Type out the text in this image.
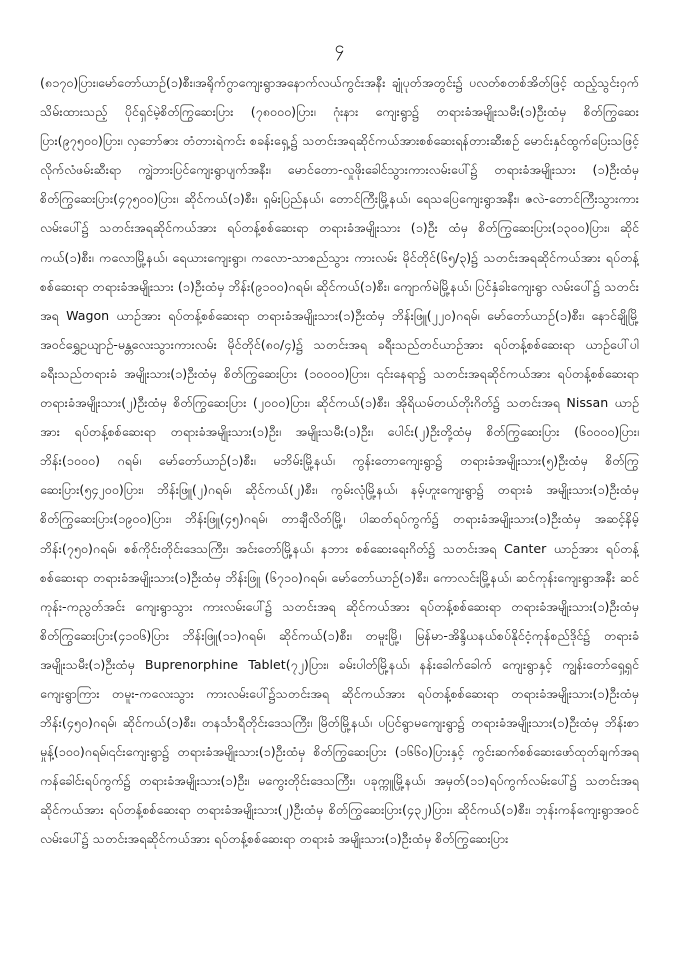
၄

(၈၁၇၀)ပြား၊မော်တော်ယာဉ်(၁)စီး၊အရိုက်ဂွာကျေးရွာအနောက်လယ်ကွင်းအနီး ချုံပုတ်အတွင်း၌ ပလတ်စတစ်အိတ်ဖြင့် ထည့်သွင်းဝှက်သိမ်းထားသည့် ပိုင်ရှင်မဲ့စိတ်ကြွဆေးပြား (၇၈၀၀၀)ပြား၊ ဂုံးနား ကျေးရွာ၌ တရားခံအမျိုးသမီး(၁)ဦးထံမှ စိတ်ကြွဆေးပြား(၉၇၅၀၀)ပြား၊ လှဘော်ဇား တံတားရဲကင်း စခန်းရှေ့၌ သတင်းအရဆိုင်ကယ်အားစစ်ဆေးရန်တားဆီးစဉ် မောင်းနှင်ထွက်ပြေးသဖြင့် လိုက်လံဖမ်းဆီးရာ ကျွဲဘားပြင်ကျေးရွာပျက်အနီး၊ မောင်တော-လှုဖိုးခေါင်သွားကားလမ်းပေါ်၌ တရားခံအမျိုးသား (၁)ဦးထံမှ စိတ်ကြွဆေးပြား(၄၇၅၀၀)ပြား၊ ဆိုင်ကယ်(၁)စီး၊ ရှမ်းပြည်နယ်၊ တောင်ကြီးမြို့နယ်၊ ရေသပြေကျေးရွာအနီး၊ ဇလဲ-တောင်ကြီးသွားကားလမ်းပေါ်၌ သတင်းအရဆိုင်ကယ်အား ရပ်တန့်စစ်ဆေးရာ တရားခံအမျိုးသား (၁)ဦး ထံမှ စိတ်ကြွဆေးပြား(၁၃၀၀)ပြား၊ ဆိုင်ကယ်(၁)စီး၊ ကလောမြို့နယ်၊ ရေယားကျေးရွာ၊ ကလော-သာစည်သွား ကားလမ်း မိုင်တိုင်(၆၅/၃)၌ သတင်းအရဆိုင်ကယ်အား ရပ်တန့်စစ်ဆေးရာ တရားခံအမျိုးသား (၁)ဦးထံမှ ဘိန်း(၉၁၀၀)ဂရမ်၊ ဆိုင်ကယ်(၁)စီး၊ ကျောက်မဲမြို့နယ်၊ ပြင်နှံခါးကျေးရွာ လမ်းပေါ်၌ သတင်းအရ Wagon ယာဉ်အား ရပ်တန့်စစ်ဆေးရာ တရားခံအမျိုးသား(၁)ဦးထံမှ ဘိန်းဖြူ(၂၂၀)ဂရမ်၊ မော်တော်ယာဉ်(၁)စီး၊ နောင်ချိုမြို့ အဝင်ရွှေဥယျာဉ်-မန္တလေးသွားကားလမ်း မိုင်တိုင်(၈၀/၄)၌ သတင်းအရ ခရီးသည်တင်ယာဉ်အား ရပ်တန့်စစ်ဆေးရာ ယာဉ်ပေါ်ပါ ခရီးသည်တရားခံ အမျိုးသား(၁)ဦးထံမှ စိတ်ကြွဆေးပြား (၁၀၀၀၀)ပြား၊ ၎င်းနေရာ၌ သတင်းအရဆိုင်ကယ်အား ရပ်တန့်စစ်ဆေးရာ တရားခံအမျိုးသား(၂)ဦးထံမှ စိတ်ကြွဆေးပြား (၂၀၀၀)ပြား၊ ဆိုင်ကယ်(၁)စီး၊ အိုရိယမ်တယ်တိုးဂိတ်၌ သတင်းအရ Nissan ယာဉ်အား ရပ်တန့်စစ်ဆေးရာ တရားခံအမျိုးသား(၁)ဦး၊ အမျိုးသမီး(၁)ဦး၊ ပေါင်း(၂)ဦးတို့ထံမှ စိတ်ကြွဆေးပြား (၆၀၀၀၀)ပြား၊ ဘိန်း(၁၀၀၀) ဂရမ်၊ မော်တော်ယာဉ်(၁)စီး၊ မဘိမ်းမြို့နယ်၊ ကွန်းတောကျေးရွာ၌ တရားခံအမျိုးသား(၅)ဦးထံမှ စိတ်ကြွ ဆေးပြား(၅၄၂၀၀)ပြား၊ ဘိန်းဖြူ(၂)ဂရမ်၊ ဆိုင်ကယ်(၂)စီး၊ ကွမ်းလုံမြို့နယ်၊ နမ့်ဟူးကျေးရွာ၌ တရားခံ အမျိုးသား(၁)ဦးထံမှ စိတ်ကြွဆေးပြား(၁၉၀၀)ပြား၊ ဘိန်းဖြူ(၄၅)ဂရမ်၊ တာချီလိတ်မြို့၊ ပါဆတ်ရပ်ကွက်၌ တရားခံအမျိုးသား(၁)ဦးထံမှ အဆင့်နိမ့်ဘိန်း(၇၅၀)ဂရမ်၊ စစ်ကိုင်းတိုင်းဒေသကြီး၊ အင်းတော်မြို့နယ်၊ နဘား စစ်ဆေးရေးဂိတ်၌ သတင်းအရ Canter ယာဉ်အား ရပ်တန့်စစ်ဆေးရာ တရားခံအမျိုးသား(၁)ဦးထံမှ ဘိန်းဖြူ (၆၇၁၀)ဂရမ်၊ မော်တော်ယာဉ်(၁)စီး၊ ကောလင်းမြို့နယ်၊ ဆင်ကုန်းကျေးရွာအနီး ဆင်ကုန်း-ကညွတ်အင်း ကျေးရွာသွား ကားလမ်းပေါ်၌ သတင်းအရ ဆိုင်ကယ်အား ရပ်တန့်စစ်ဆေးရာ တရားခံအမျိုးသား(၁)ဦးထံမှ စိတ်ကြွဆေးပြား(၄၁၀၆)ပြား ဘိန်းဖြူ(၁၁)ဂရမ်၊ ဆိုင်ကယ်(၁)စီး၊ တမူးမြို့၊ မြန်မာ-အိန္ဒိယနယ်စပ်နိုင်ငံ့ကုန်စည်ဒိုင်၌ တရားခံအမျိုးသမီး(၁)ဦးထံမှ Buprenorphine Tablet(၇၂)ပြား၊ ခမ်းပါတ်မြို့နယ်၊ နန်းခေါက်ခေါက် ကျေးရွာနှင့် ကျွန်းတော်ရှေ့ရှင်ကျေးရွာကြား တမူး-ကလေးသွား ကားလမ်းပေါ်၌သတင်းအရ ဆိုင်ကယ်အား ရပ်တန့်စစ်ဆေးရာ တရားခံအမျိုးသား(၁)ဦးထံမှ ဘိန်း(၄၅၀)ဂရမ်၊ ဆိုင်ကယ်(၁)စီး၊ တနင်္သာရီတိုင်းဒေသကြီး၊ မြိတ်မြို့နယ်၊ ပပြင်ရွာမကျေးရွာ၌ တရားခံအမျိုးသား(၁)ဦးထံမှ ဘိန်းစာမှုန့်(၁၀၀)ဂရမ်၊၎င်းကျေးရွာ၌ တရားခံအမျိုးသား(၁)ဦးထံမှ စိတ်ကြွဆေးပြား (၁၆၆၀)ပြားနှင့် ကွင်းဆက်စစ်ဆေးဖော်ထုတ်ချက်အရ ကန်ခေါင်းရပ်ကွက်၌ တရားခံအမျိုးသား(၁)ဦး၊ မကွေးတိုင်းဒေသကြီး၊ ပခုက္ကူမြို့နယ်၊ အမှတ်(၁၁)ရပ်ကွက်လမ်းပေါ်၌ သတင်းအရ ဆိုင်ကယ်အား ရပ်တန့်စစ်ဆေးရာ တရားခံအမျိုးသား(၂)ဦးထံမှ စိတ်ကြွဆေးပြား(၄၃၂)ပြား၊ ဆိုင်ကယ်(၁)စီး၊ ဘုန်းကန်ကျေးရွာအဝင်လမ်းပေါ်၌ သတင်းအရဆိုင်ကယ်အား ရပ်တန့်စစ်ဆေးရာ တရားခံ အမျိုးသား(၁)ဦးထံမှ စိတ်ကြွဆေးပြား
